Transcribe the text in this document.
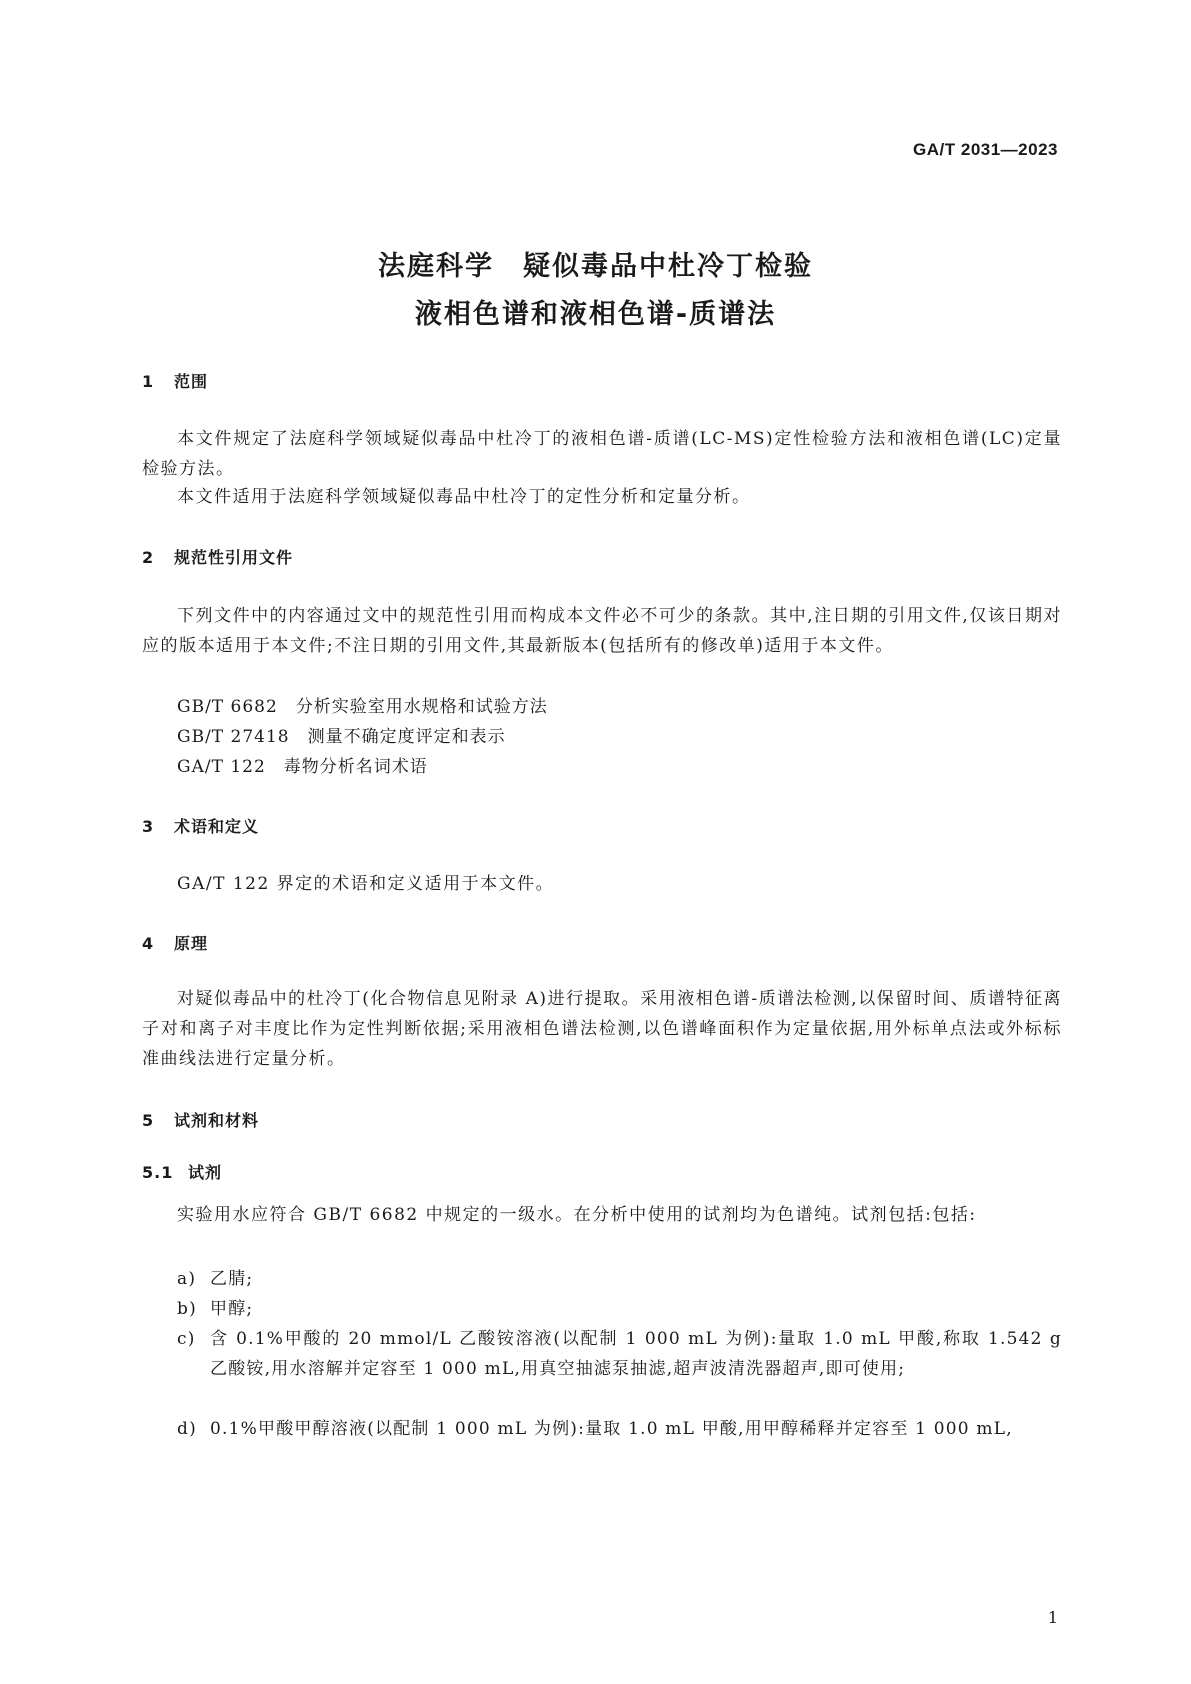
GA/T 2031—2023
法庭科学　疑似毒品中杜冷丁检验
液相色谱和液相色谱-质谱法
1 范围
本文件规定了法庭科学领域疑似毒品中杜冷丁的液相色谱-质谱(LC-MS)定性检验方法和液相色谱(LC)定量检验方法。
本文件适用于法庭科学领域疑似毒品中杜冷丁的定性分析和定量分析。
2 规范性引用文件
下列文件中的内容通过文中的规范性引用而构成本文件必不可少的条款。其中,注日期的引用文件,仅该日期对应的版本适用于本文件;不注日期的引用文件,其最新版本(包括所有的修改单)适用于本文件。
GB/T 6682 分析实验室用水规格和试验方法
GB/T 27418 测量不确定度评定和表示
GA/T 122 毒物分析名词术语
3 术语和定义
GA/T 122 界定的术语和定义适用于本文件。
4 原理
对疑似毒品中的杜冷丁(化合物信息见附录 A)进行提取。采用液相色谱-质谱法检测,以保留时间、质谱特征离子对和离子对丰度比作为定性判断依据;采用液相色谱法检测,以色谱峰面积作为定量依据,用外标单点法或外标标准曲线法进行定量分析。
5 试剂和材料
5.1 试剂
实验用水应符合 GB/T 6682 中规定的一级水。在分析中使用的试剂均为色谱纯。试剂包括:包括:
a) 乙腈;
b) 甲醇;
c) 含 0.1%甲酸的 20 mmol/L 乙酸铵溶液(以配制 1 000 mL 为例):量取 1.0 mL 甲酸,称取 1.542 g 乙酸铵,用水溶解并定容至 1 000 mL,用真空抽滤泵抽滤,超声波清洗器超声,即可使用;
d) 0.1%甲酸甲醇溶液(以配制 1 000 mL 为例):量取 1.0 mL 甲酸,用甲醇稀释并定容至 1 000 mL,
1
